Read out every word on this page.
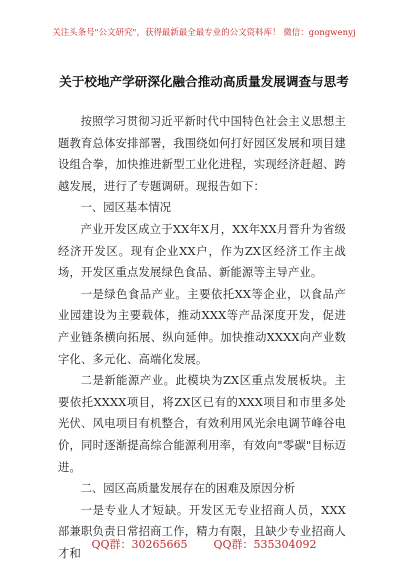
关注头条号"公文研究"，获得最新最全最专业的公文资料库！ 微信：gongwenyj
关于校地产学研深化融合推动高质量发展调查与思考

按照学习贯彻习近平新时代中国特色社会主义思想主题教育总体安排部署，我围绕如何打好园区发展和项目建设组合拳，加快推进新型工业化进程，实现经济赶超、跨越发展，进行了专题调研。现报告如下：

一、园区基本情况

产业开发区成立于XX年X月，XX年XX月晋升为省级经济开发区。现有企业XX户，作为ZX区经济工作主战场，开发区重点发展绿色食品、新能源等主导产业。

一是绿色食品产业。主要依托XX等企业，以食品产业园建设为主要载体，推动XXX等产品深度开发，促进产业链条横向拓展、纵向延伸。加快推动XXXX向产业数字化、多元化、高端化发展。

二是新能源产业。此模块为ZX区重点发展板块。主要依托XXXX项目，将ZX区已有的XXX项目和市里多处光伏、风电项目有机整合，有效利用风光余电调节峰谷电价，同时逐渐提高综合能源利用率，有效向"零碳"目标迈进。

二、园区高质量发展存在的困难及原因分析

一是专业人才短缺。开发区无专业招商人员，XXX部兼职负责日常招商工作，精力有限，且缺少专业招商人才和

QQ群：30265665 QQ群：535304092
